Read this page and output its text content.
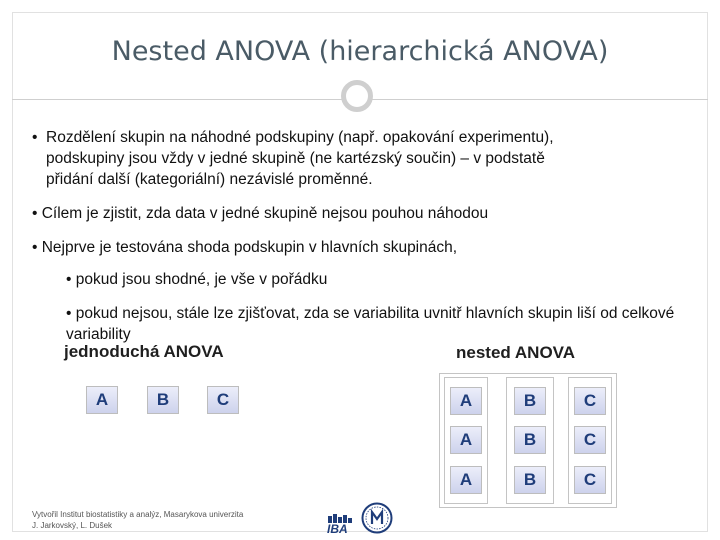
Nested ANOVA (hierarchická ANOVA)
• Rozdělení skupin na náhodné podskupiny (např. opakování experimentu),
podskupiny jsou vždy v jedné skupině (ne kartézský součin) – v podstatě
přidání další (kategoriální) nezávislé proměnné.
• Cílem je zjistit, zda data v jedné skupině nejsou pouhou náhodou
• Nejprve je testována shoda podskupin v hlavních skupinách,
• pokud jsou shodné, je vše v pořádku
• pokud nejsou, stále lze zjišťovat, zda se variabilita uvnitř hlavních skupin liší od celkové variability
jednoduchá ANOVA	nested ANOVA
A	B	C	A	B	C
A	B	C
A	B	C
Vytvořil Institut biostatistiky a analýz, Masarykova univerzita
J. Jarkovský, L. Dušek	IBA
